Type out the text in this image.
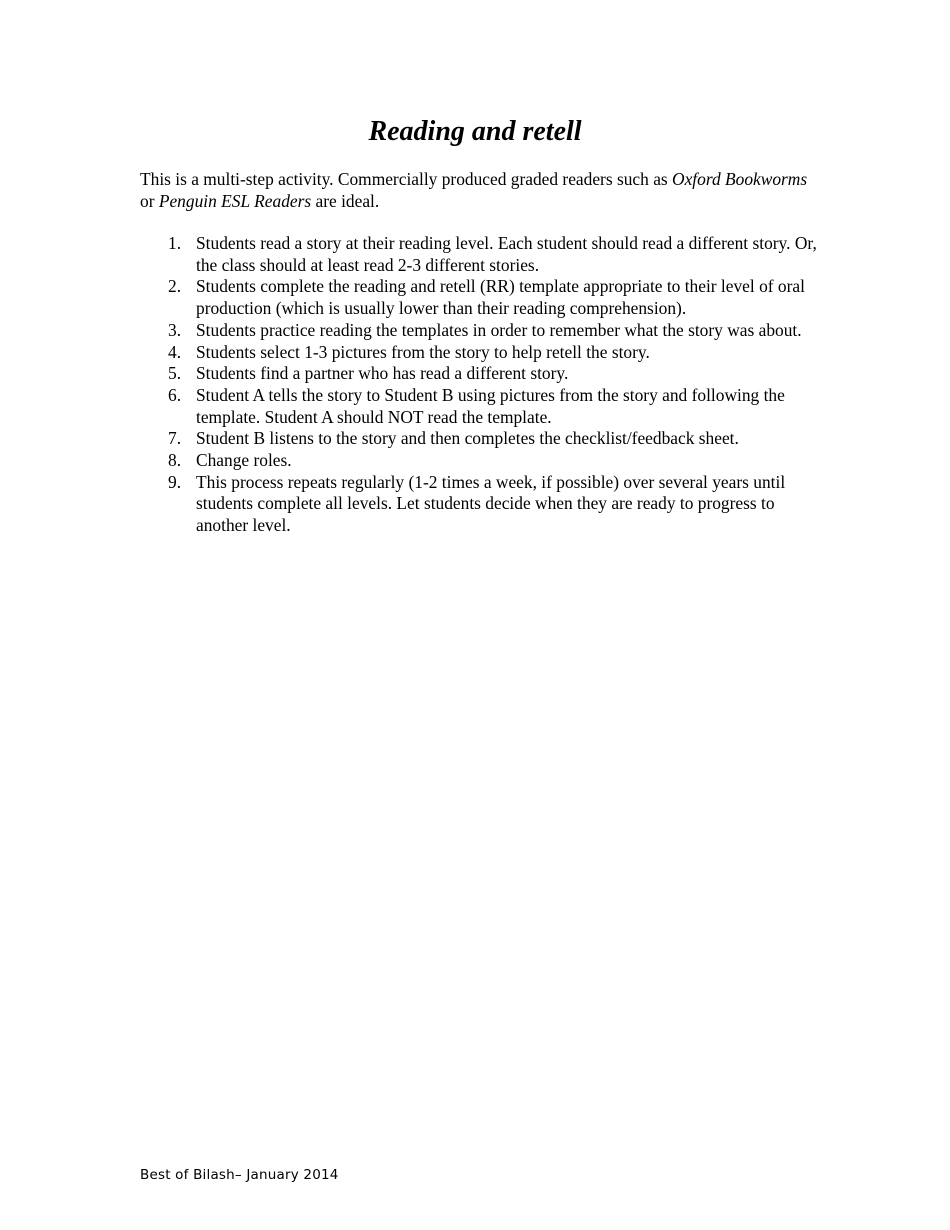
Reading and retell

This is a multi-step activity. Commercially produced graded readers such as Oxford Bookworms or Penguin ESL Readers are ideal.

1. Students read a story at their reading level. Each student should read a different story. Or, the class should at least read 2-3 different stories.
2. Students complete the reading and retell (RR) template appropriate to their level of oral production (which is usually lower than their reading comprehension).
3. Students practice reading the templates in order to remember what the story was about.
4. Students select 1-3 pictures from the story to help retell the story.
5. Students find a partner who has read a different story.
6. Student A tells the story to Student B using pictures from the story and following the template. Student A should NOT read the template.
7. Student B listens to the story and then completes the checklist/feedback sheet.
8. Change roles.
9. This process repeats regularly (1-2 times a week, if possible) over several years until students complete all levels. Let students decide when they are ready to progress to another level.
Best of Bilash– January 2014
